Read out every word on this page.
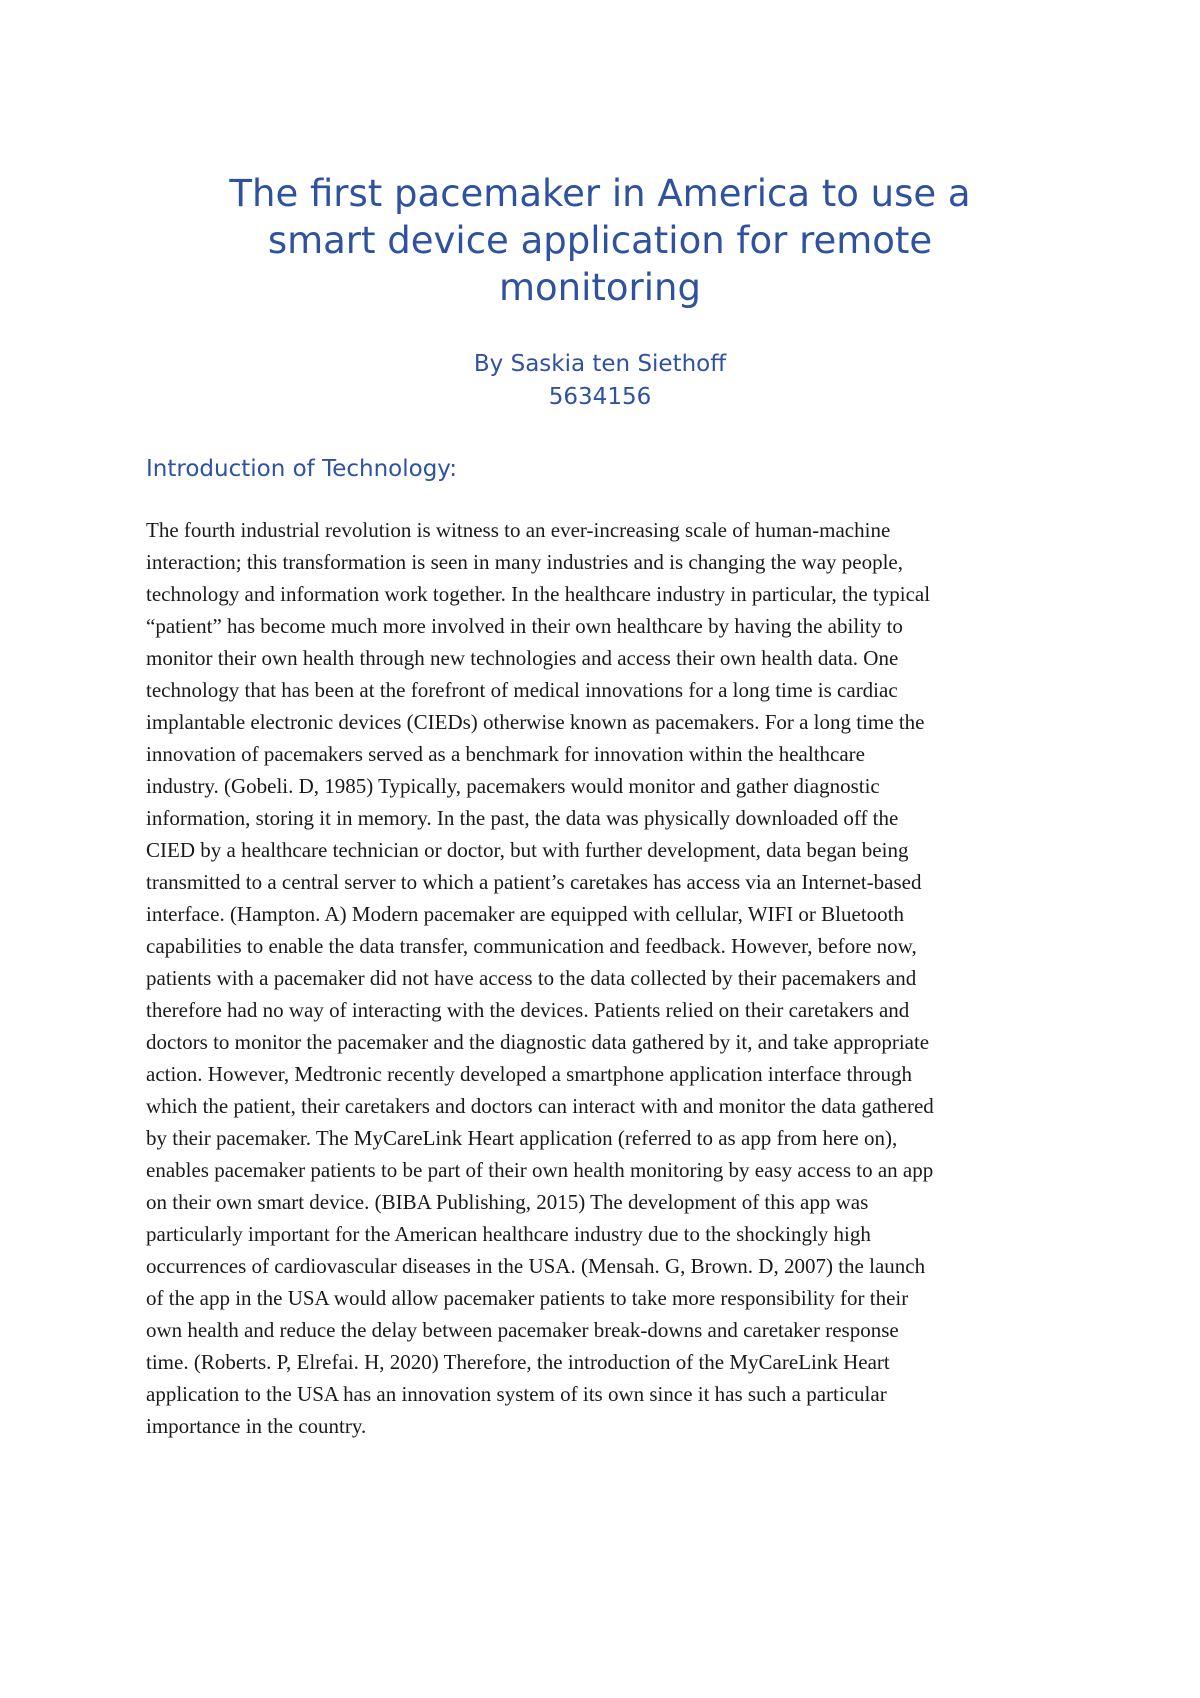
The first pacemaker in America to use a
smart device application for remote
monitoring
By Saskia ten Siethoff
5634156
Introduction of Technology:
The fourth industrial revolution is witness to an ever-increasing scale of human-machine
interaction; this transformation is seen in many industries and is changing the way people,
technology and information work together. In the healthcare industry in particular, the typical
“patient” has become much more involved in their own healthcare by having the ability to
monitor their own health through new technologies and access their own health data. One
technology that has been at the forefront of medical innovations for a long time is cardiac
implantable electronic devices (CIEDs) otherwise known as pacemakers. For a long time the
innovation of pacemakers served as a benchmark for innovation within the healthcare
industry. (Gobeli. D, 1985) Typically, pacemakers would monitor and gather diagnostic
information, storing it in memory. In the past, the data was physically downloaded off the
CIED by a healthcare technician or doctor, but with further development, data began being
transmitted to a central server to which a patient’s caretakes has access via an Internet-based
interface. (Hampton. A) Modern pacemaker are equipped with cellular, WIFI or Bluetooth
capabilities to enable the data transfer, communication and feedback. However, before now,
patients with a pacemaker did not have access to the data collected by their pacemakers and
therefore had no way of interacting with the devices. Patients relied on their caretakers and
doctors to monitor the pacemaker and the diagnostic data gathered by it, and take appropriate
action. However, Medtronic recently developed a smartphone application interface through
which the patient, their caretakers and doctors can interact with and monitor the data gathered
by their pacemaker. The MyCareLink Heart application (referred to as app from here on),
enables pacemaker patients to be part of their own health monitoring by easy access to an app
on their own smart device. (BIBA Publishing, 2015) The development of this app was
particularly important for the American healthcare industry due to the shockingly high
occurrences of cardiovascular diseases in the USA. (Mensah. G, Brown. D, 2007) the launch
of the app in the USA would allow pacemaker patients to take more responsibility for their
own health and reduce the delay between pacemaker break-downs and caretaker response
time. (Roberts. P, Elrefai. H, 2020) Therefore, the introduction of the MyCareLink Heart
application to the USA has an innovation system of its own since it has such a particular
importance in the country.
